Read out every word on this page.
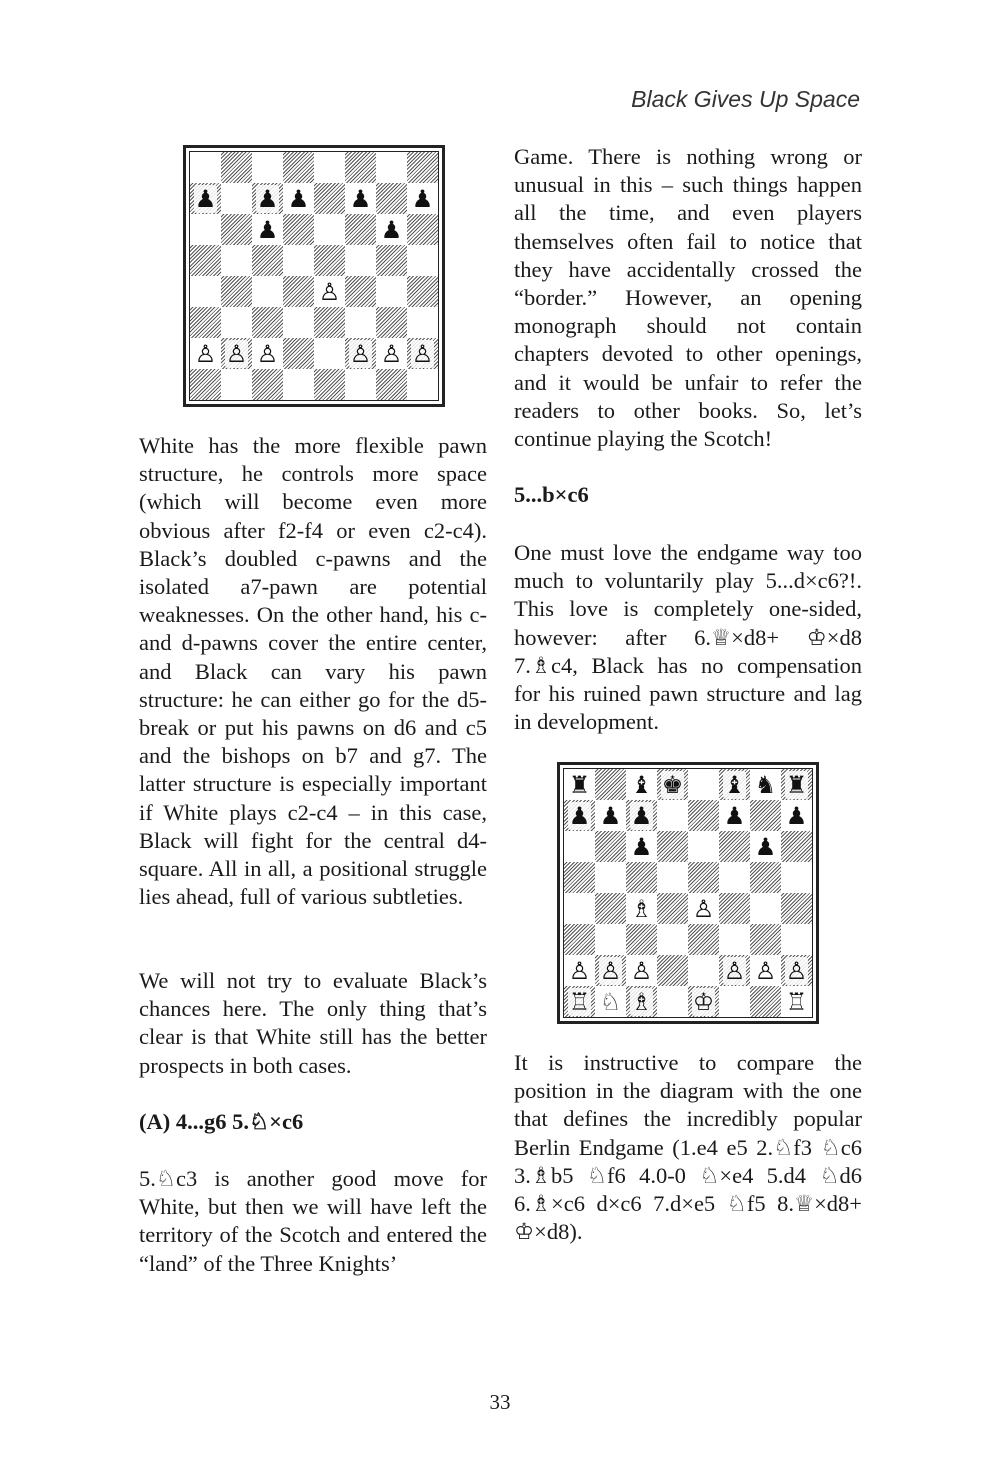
Black Gives Up Space
♟ ♟ ♟ ♟ ♟
♟	♟
♙
♙ ♙ ♙	♙ ♙ ♙

White has the more flexible pawn structure, he controls more space (which will become even more obvious after f2-f4 or even c2-c4). Black’s doubled c-pawns and the isolated a7-pawn are potential weaknesses. On the other hand, his c- and d-pawns cover the entire center, and Black can vary his pawn structure: he can either go for the d5-break or put his pawns on d6 and c5 and the bishops on b7 and g7. The latter structure is especially important if White plays c2-c4 – in this case, Black will fight for the central d4-square. All in all, a positional struggle lies ahead, full of various subtleties.

We will not try to evaluate Black’s chances here. The only thing that’s clear is that White still has the better prospects in both cases.

(A) 4...g6 5.♘×c6

5.♘c3 is another good move for White, but then we will have left the territory of the Scotch and entered the “land” of the Three Knights’

Game. There is nothing wrong or unusual in this – such things happen all the time, and even players themselves often fail to notice that they have accidentally crossed the “border.” However, an opening monograph should not contain chapters devoted to other openings, and it would be unfair to refer the readers to other books. So, let’s continue playing the Scotch!

5...b×c6

One must love the endgame way too much to voluntarily play 5...d×c6?!. This love is completely one-sided, however: after 6.♕×d8+ ♔×d8 7.♗c4, Black has no compensation for his ruined pawn structure and lag in development.

It is instructive to compare the position in the diagram with the one that defines the incredibly popular Berlin Endgame (1.e4 e5 2.♘f3 ♘c6 3.♗b5 ♘f6 4.0-0 ♘×e4 5.d4 ♘d6 6.♗×c6 d×c6 7.d×e5 ♘f5 8.♕×d8+ ♔×d8).

♜ ♝ ♚ ♝ ♞ ♜
♟ ♟ ♟	♟ ♟
♟	♟
♗ ♙
♙ ♙ ♙	♙ ♙ ♙
♖ ♘ ♗ ♔	♖
33
